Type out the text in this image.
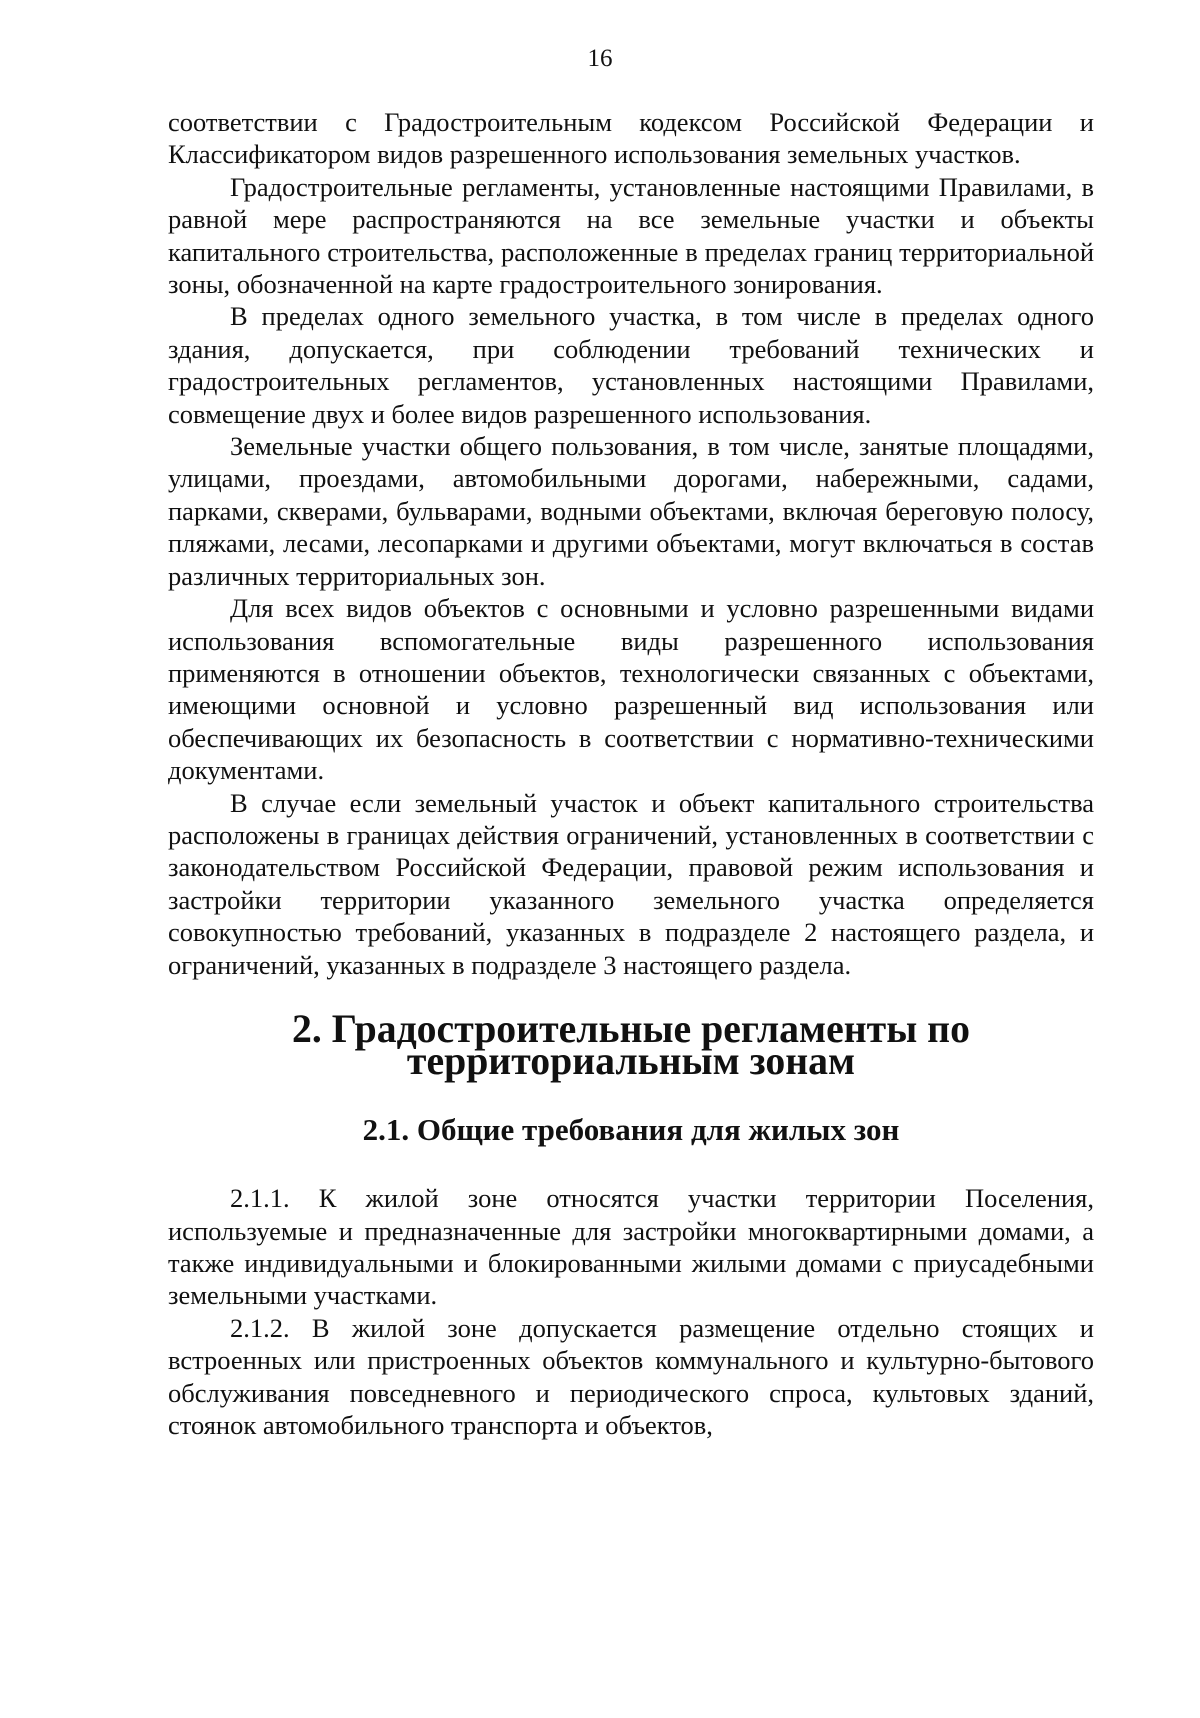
16

соответствии с Градостроительным кодексом Российской Федерации и Классификатором видов разрешенного использования земельных участков.

Градостроительные регламенты, установленные настоящими Правилами, в равной мере распространяются на все земельные участки и объекты капитального строительства, расположенные в пределах границ территориальной зоны, обозначенной на карте градостроительного зонирования.

В пределах одного земельного участка, в том числе в пределах одного здания, допускается, при соблюдении требований технических и градостроительных регламентов, установленных настоящими Правилами, совмещение двух и более видов разрешенного использования.

Земельные участки общего пользования, в том числе, занятые площадями, улицами, проездами, автомобильными дорогами, набережными, садами, парками, скверами, бульварами, водными объектами, включая береговую полосу, пляжами, лесами, лесопарками и другими объектами, могут включаться в состав различных территориальных зон.

Для всех видов объектов с основными и условно разрешенными видами использования вспомогательные виды разрешенного использования применяются в отношении объектов, технологически связанных с объектами, имеющими основной и условно разрешенный вид использования или обеспечивающих их безопасность в соответствии с нормативно-техническими документами.

В случае если земельный участок и объект капитального строительства расположены в границах действия ограничений, установленных в соответствии с законодательством Российской Федерации, правовой режим использования и застройки территории указанного земельного участка определяется совокупностью требований, указанных в подразделе 2 настоящего раздела, и ограничений, указанных в подразделе 3 настоящего раздела.

2. Градостроительные регламенты по территориальным зонам
2.1. Общие требования для жилых зон

2.1.1. К жилой зоне относятся участки территории Поселения, используемые и предназначенные для застройки многоквартирными домами, а также индивидуальными и блокированными жилыми домами с приусадебными земельными участками.

2.1.2. В жилой зоне допускается размещение отдельно стоящих и встроенных или пристроенных объектов коммунального и культурно-бытового обслуживания повседневного и периодического спроса, культовых зданий, стоянок автомобильного транспорта и объектов,
